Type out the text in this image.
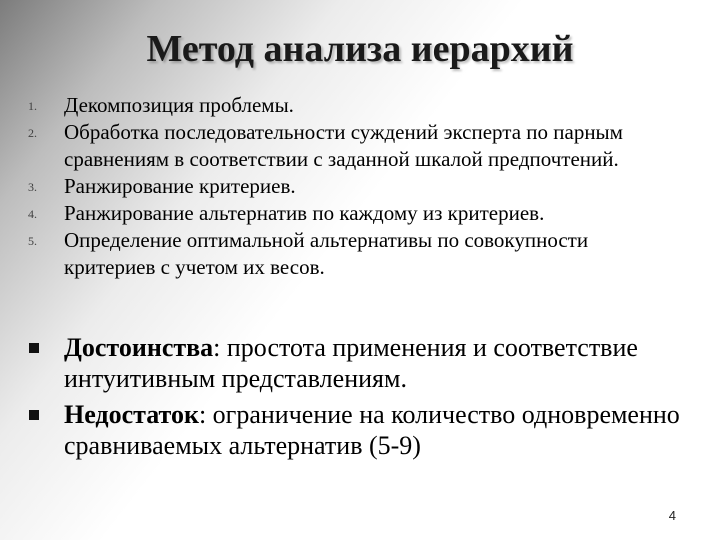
Метод анализа иерархий
1. Декомпозиция проблемы.
2. Обработка последовательности суждений эксперта по парным сравнениям в соответствии с заданной шкалой предпочтений.
3. Ранжирование критериев.
4. Ранжирование альтернатив по каждому из критериев.
5. Определение оптимальной альтернативы по совокупности критериев с учетом их весов.
Достоинства: простота применения и соответствие интуитивным представлениям.
Недостаток: ограничение на количество одновременно сравниваемых альтернатив (5-9)
4
